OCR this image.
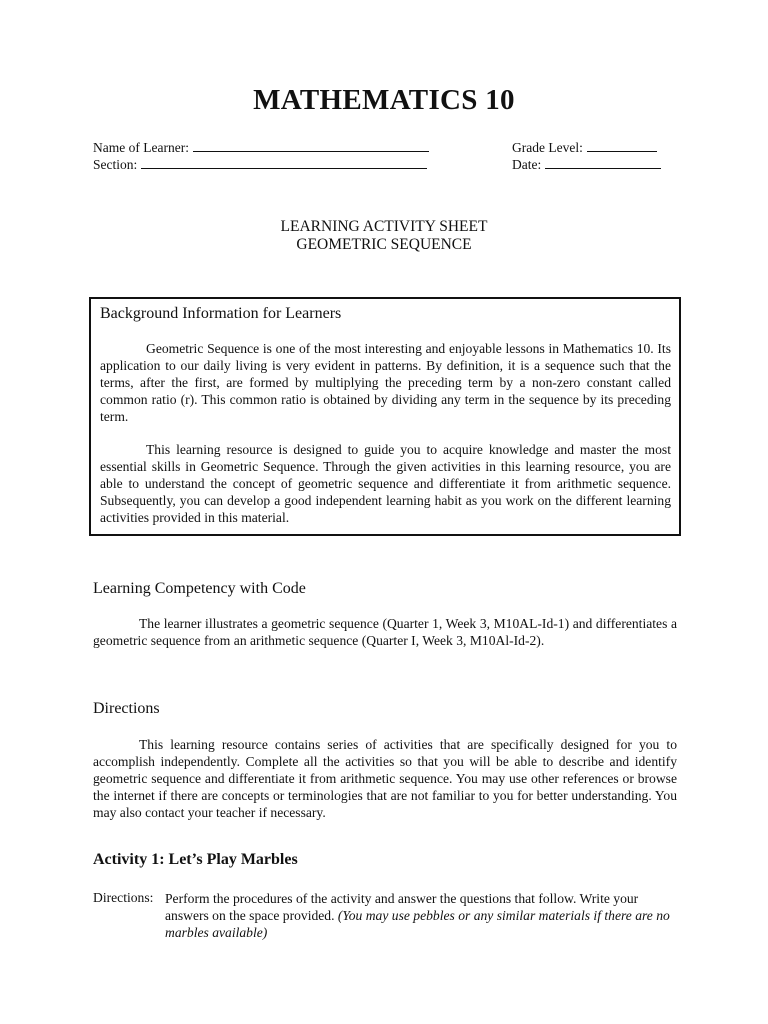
MATHEMATICS 10
Name of Learner:
Section:
Grade Level:
Date:
LEARNING ACTIVITY SHEET
GEOMETRIC SEQUENCE
Background Information for Learners

Geometric Sequence is one of the most interesting and enjoyable lessons in Mathematics 10. Its application to our daily living is very evident in patterns. By definition, it is a sequence such that the terms, after the first, are formed by multiplying the preceding term by a non-zero constant called common ratio (r). This common ratio is obtained by dividing any term in the sequence by its preceding term.

This learning resource is designed to guide you to acquire knowledge and master the most essential skills in Geometric Sequence. Through the given activities in this learning resource, you are able to understand the concept of geometric sequence and differentiate it from arithmetic sequence. Subsequently, you can develop a good independent learning habit as you work on the different learning activities provided in this material.

Learning Competency with Code

The learner illustrates a geometric sequence (Quarter 1, Week 3, M10AL-Id-1) and differentiates a geometric sequence from an arithmetic sequence (Quarter I, Week 3, M10Al-Id-2).

Directions

This learning resource contains series of activities that are specifically designed for you to accomplish independently. Complete all the activities so that you will be able to describe and identify geometric sequence and differentiate it from arithmetic sequence. You may use other references or browse the internet if there are concepts or terminologies that are not familiar to you for better understanding. You may also contact your teacher if necessary.

Activity 1: Let’s Play Marbles
Directions: Perform the procedures of the activity and answer the questions that follow. Write your answers on the space provided. (You may use pebbles or any similar materials if there are no marbles available)
